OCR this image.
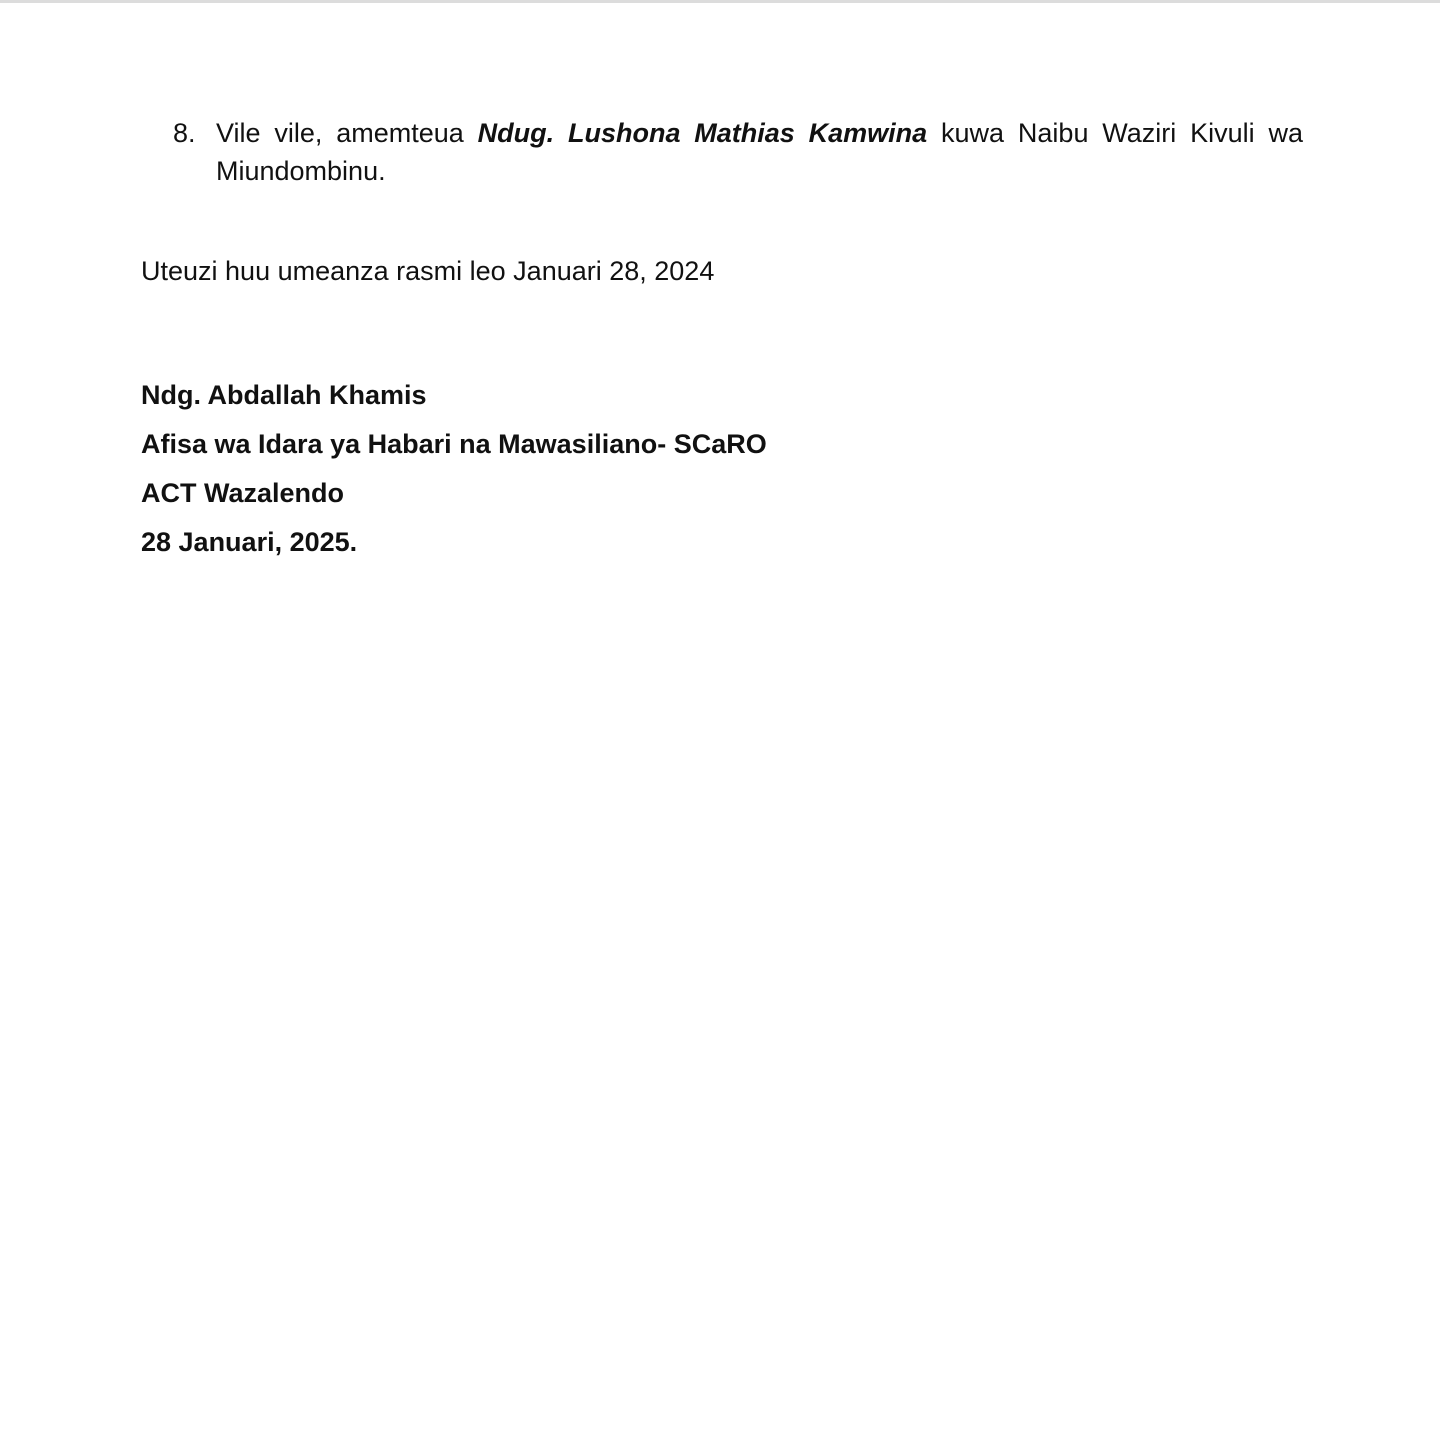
8. Vile vile, amemteua Ndug. Lushona Mathias Kamwina kuwa Naibu Waziri Kivuli wa Miundombinu.
Uteuzi huu umeanza rasmi leo Januari 28, 2024
Ndg. Abdallah Khamis
Afisa wa Idara ya Habari na Mawasiliano- SCaRO
ACT Wazalendo
28 Januari, 2025.
